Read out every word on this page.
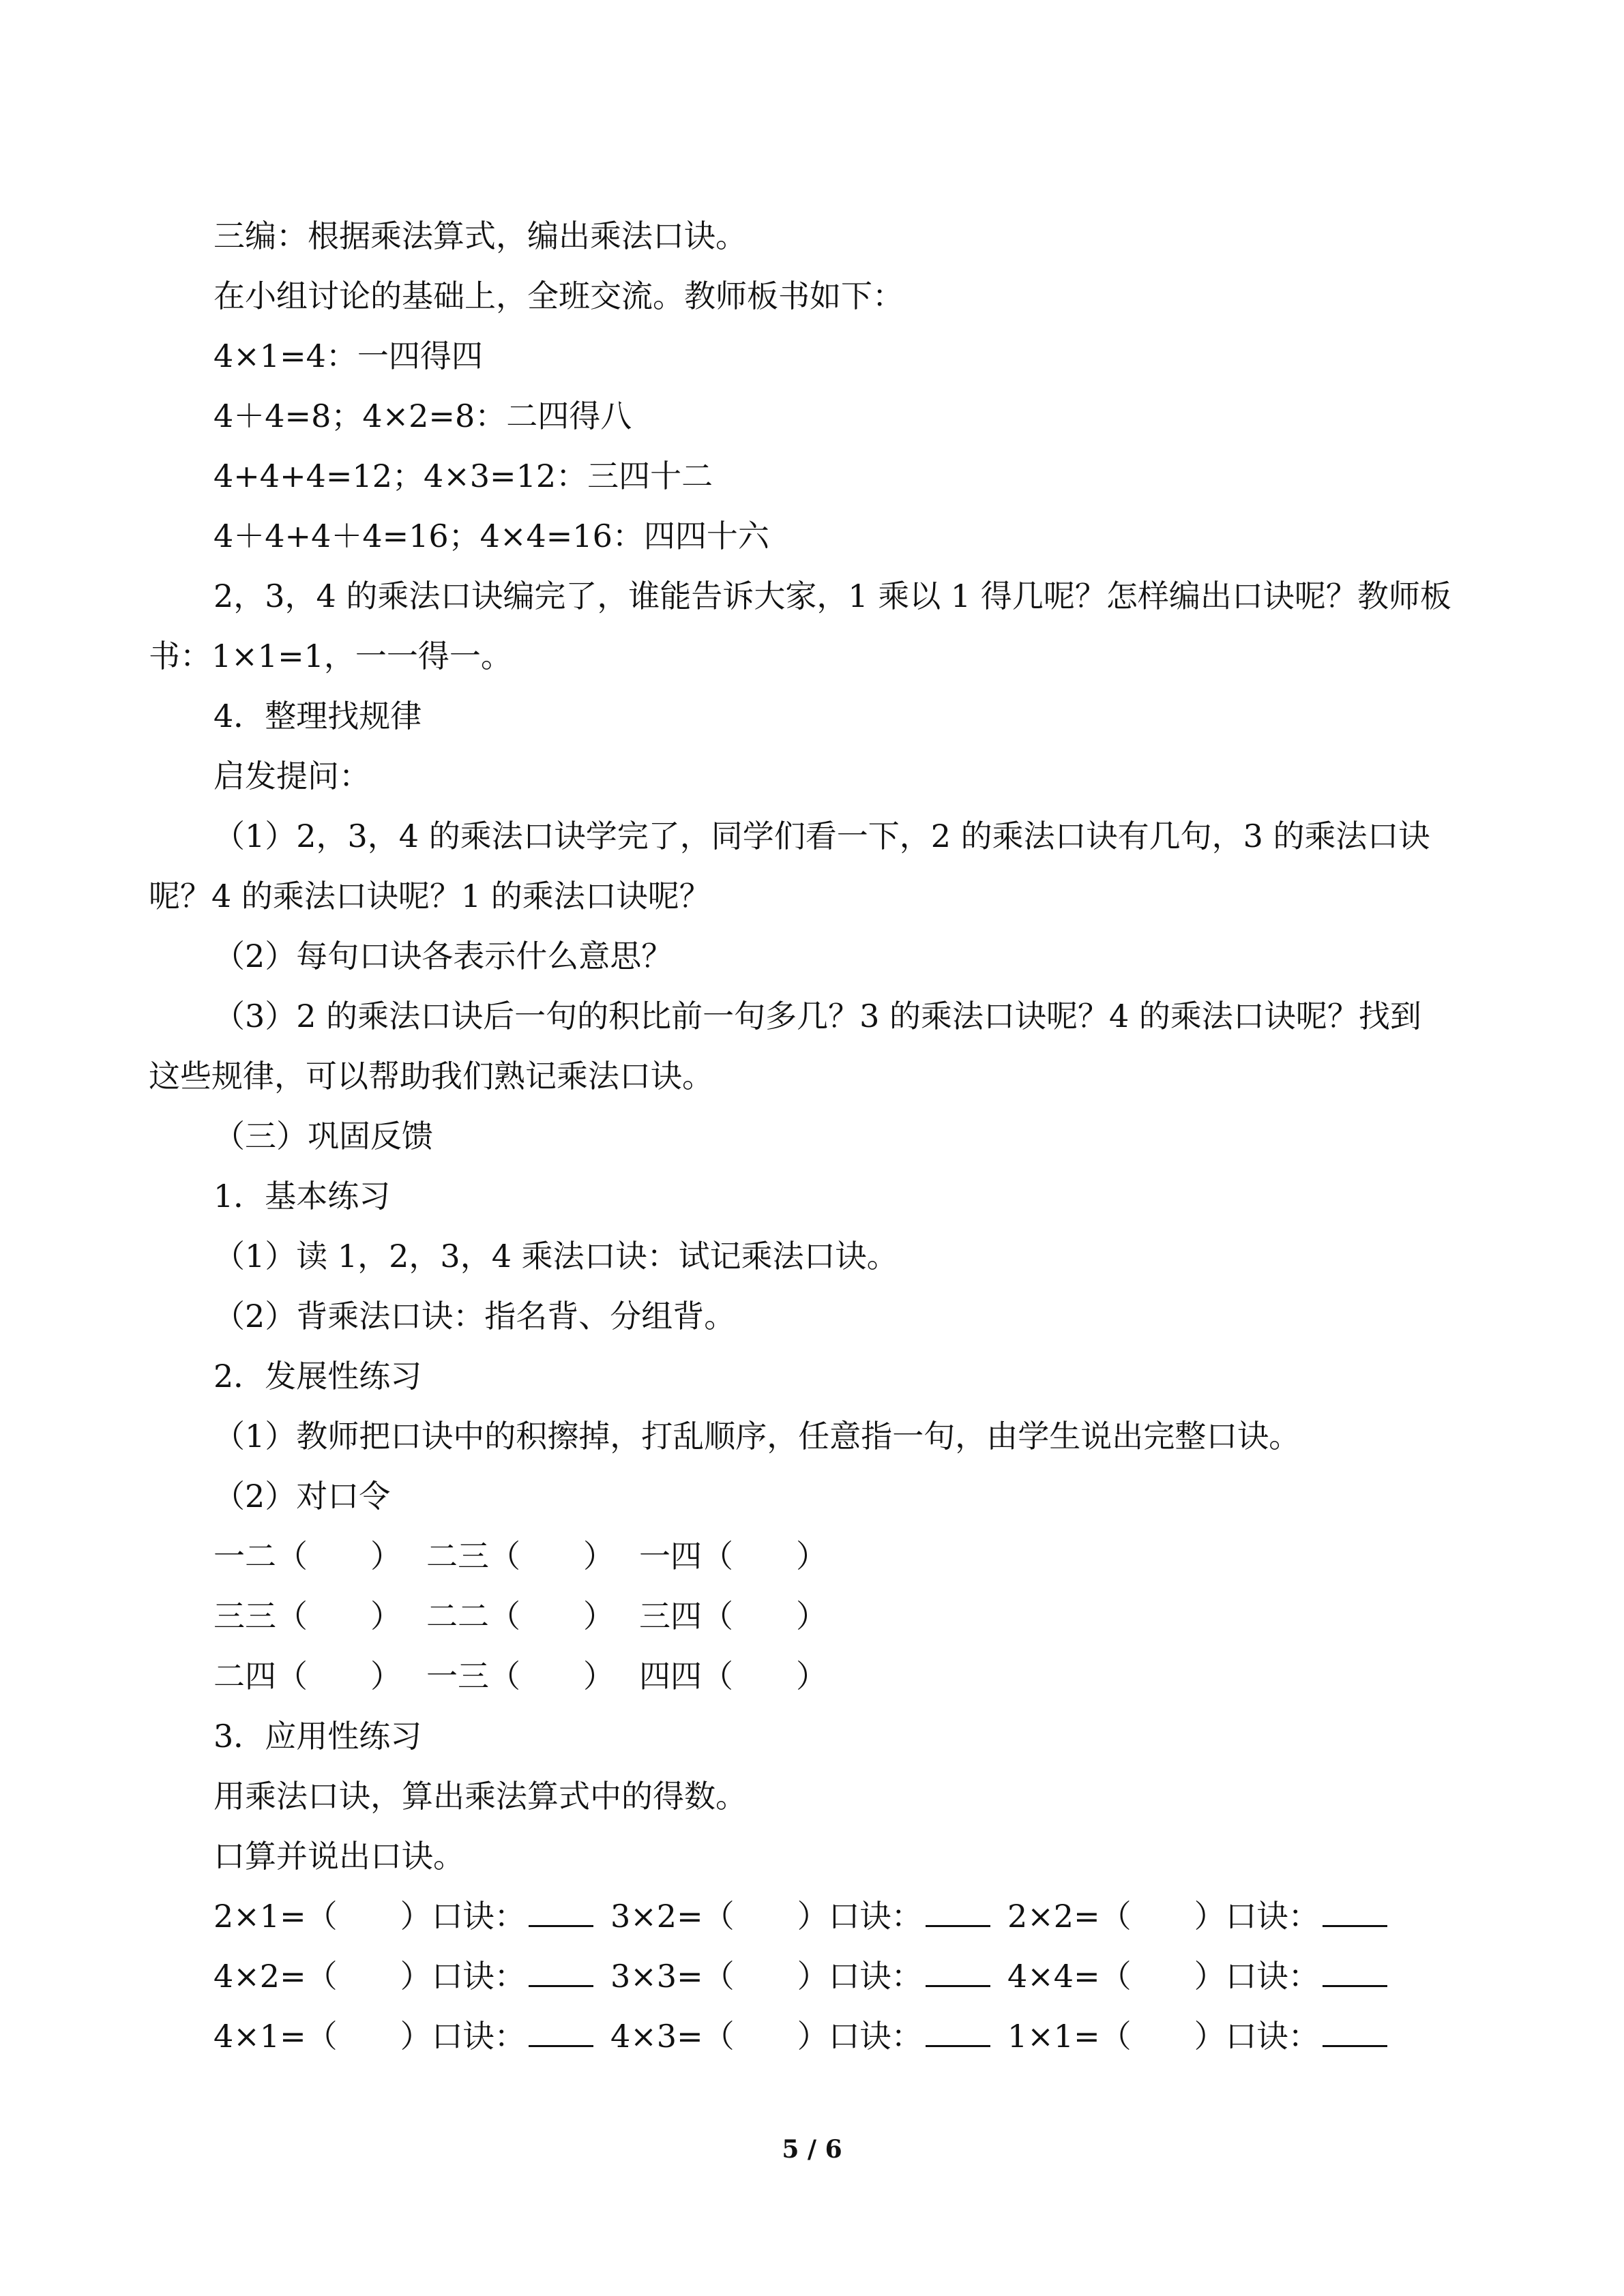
三编：根据乘法算式，编出乘法口诀。
在小组讨论的基础上，全班交流。教师板书如下：
4×1=4：一四得四
4＋4=8；4×2=8：二四得八
4+4+4=12；4×3=12：三四十二
4＋4+4＋4=16；4×4=16：四四十六
2，3，4 的乘法口诀编完了，谁能告诉大家，1 乘以 1 得几呢？怎样编出口诀呢？教师板
书：1×1=1，一一得一。
4．整理找规律
启发提问：
（1）2，3，4 的乘法口诀学完了，同学们看一下，2 的乘法口诀有几句，3 的乘法口诀
呢？4 的乘法口诀呢？1 的乘法口诀呢？
（2）每句口诀各表示什么意思？
（3）2 的乘法口诀后一句的积比前一句多几？3 的乘法口诀呢？4 的乘法口诀呢？找到
这些规律，可以帮助我们熟记乘法口诀。
（三）巩固反馈
1．基本练习
（1）读 1，2，3，4 乘法口诀：试记乘法口诀。
（2）背乘法口诀：指名背、分组背。
2．发展性练习
（1）教师把口诀中的积擦掉，打乱顺序，任意指一句，由学生说出完整口诀。
（2）对口令
一二（　　） 二三（　　） 一四（　　）
三三（　　） 二二（　　） 三四（　　）
二四（　　） 一三（　　） 四四（　　）
3．应用性练习
用乘法口诀，算出乘法算式中的得数。
口算并说出口诀。
2×1=（　　）口诀：	3×2=（　　）口诀：	2×2=（　　）口诀：
4×2=（　　）口诀：	3×3=（　　）口诀：	4×4=（　　）口诀：
4×1=（　　）口诀：	4×3=（　　）口诀：	1×1=（　　）口诀：
5 / 6
